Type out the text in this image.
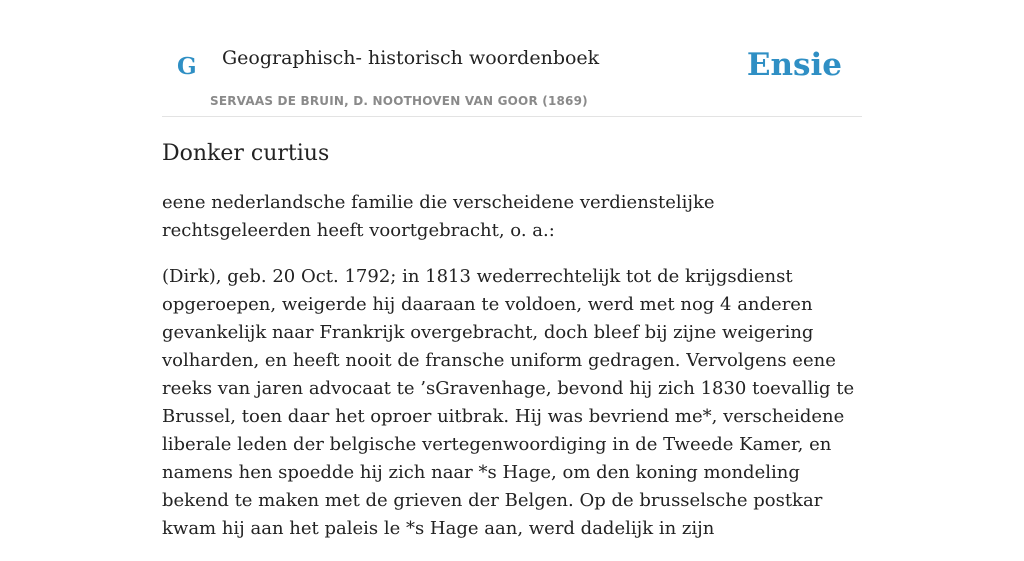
G Geographisch- historisch woordenboek
SERVAAS DE BRUIN, D. NOOTHOVEN VAN GOOR (1869)
Ensie
Donker curtius

eene nederlandsche familie die verscheidene verdienstelijke rechtsgeleerden heeft voortgebracht, o. a.:

(Dirk), geb. 20 Oct. 1792; in 1813 wederrechtelijk tot de krijgsdienst opgeroepen, weigerde hij daaraan te voldoen, werd met nog 4 anderen gevankelijk naar Frankrijk overgebracht, doch bleef bij zijne weigering volharden, en heeft nooit de fransche uniform gedragen. Vervolgens eene reeks van jaren advocaat te ’sGravenhage, bevond hij zich 1830 toevallig te Brussel, toen daar het oproer uitbrak. Hij was bevriend me*, verscheidene liberale leden der belgische vertegenwoordiging in de Tweede Kamer, en namens hen spoedde hij zich naar *s Hage, om den koning mondeling bekend te maken met de grieven der Belgen. Op de brusselsche postkar kwam hij aan het paleis le *s Hage aan, werd dadelijk in zijn
